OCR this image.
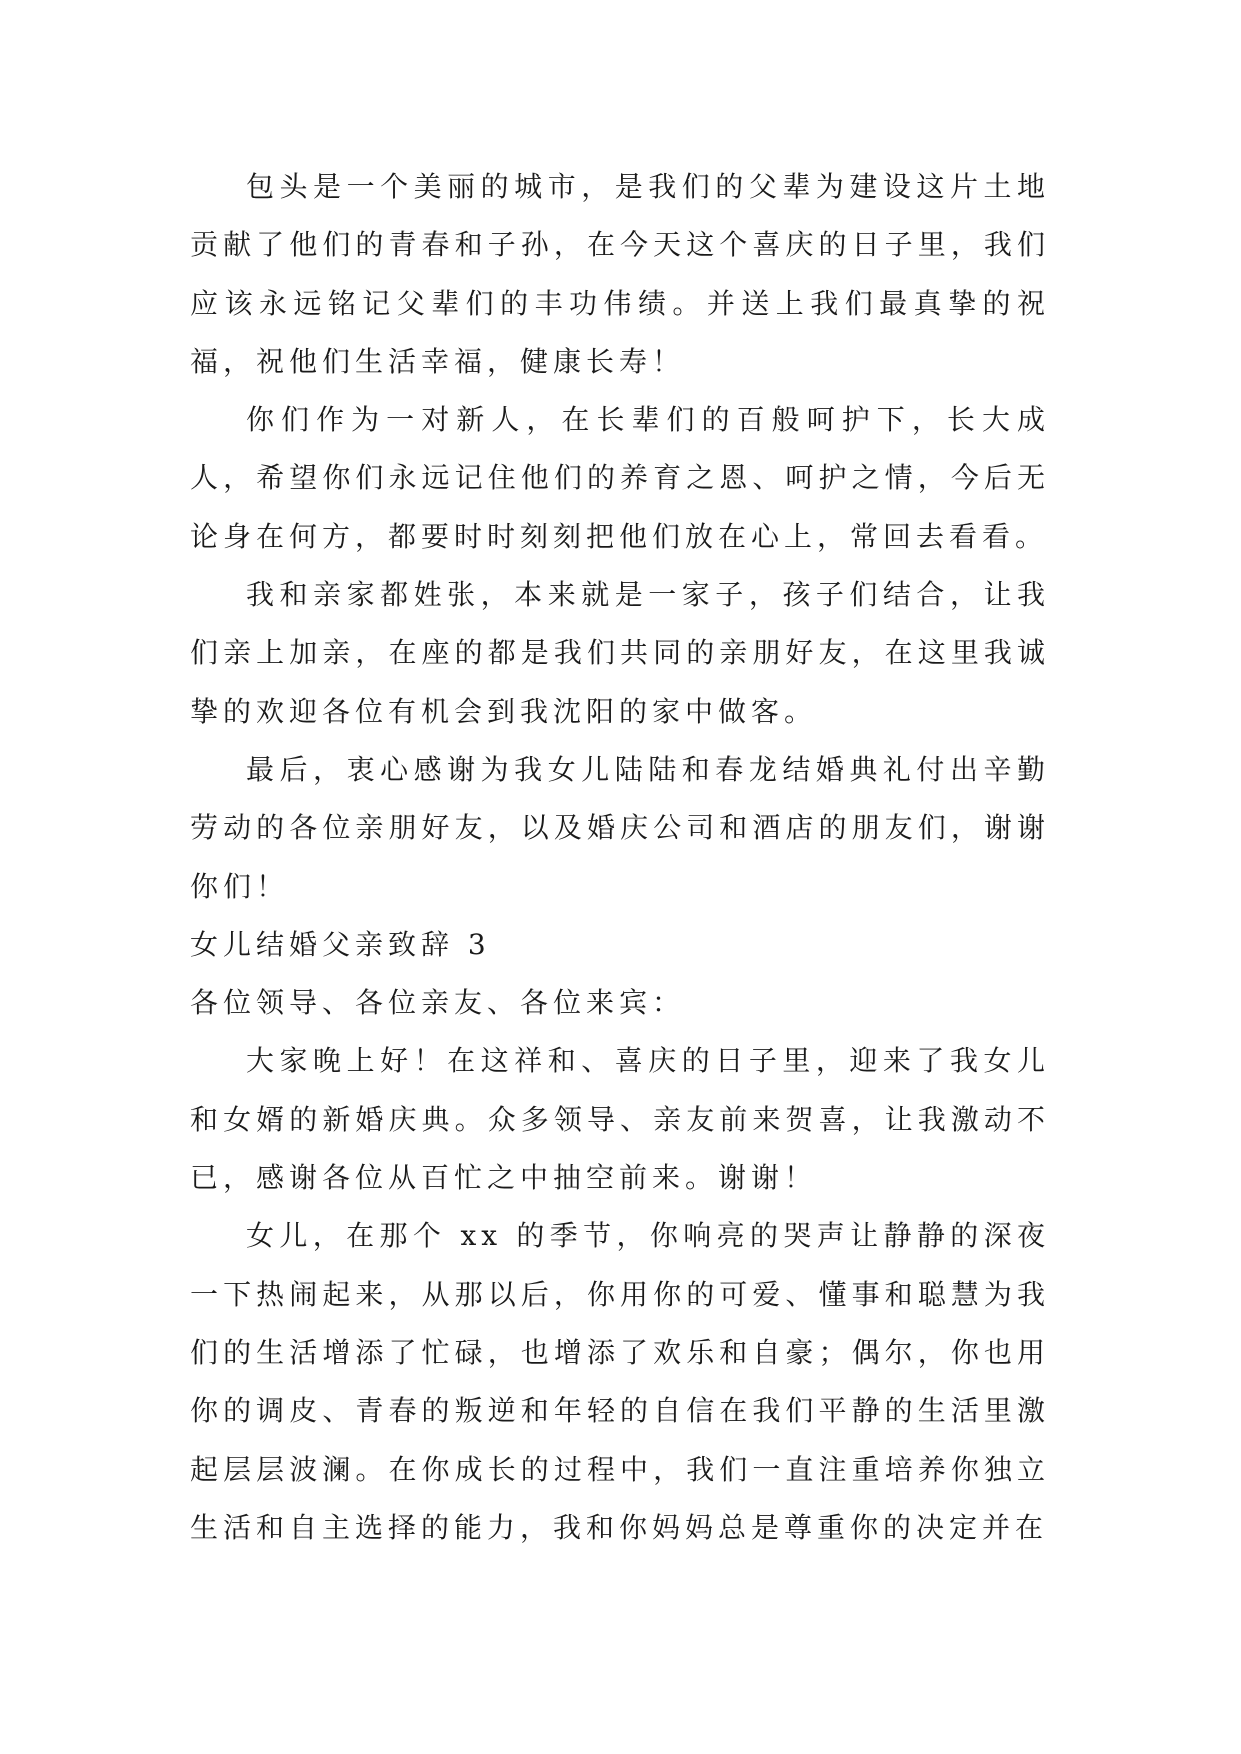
包头是一个美丽的城市，是我们的父辈为建设这片土地贡献了他们的青春和子孙，在今天这个喜庆的日子里，我们应该永远铭记父辈们的丰功伟绩。并送上我们最真挚的祝福，祝他们生活幸福，健康长寿！

你们作为一对新人，在长辈们的百般呵护下，长大成人，希望你们永远记住他们的养育之恩、呵护之情，今后无论身在何方，都要时时刻刻把他们放在心上，常回去看看。

我和亲家都姓张，本来就是一家子，孩子们结合，让我们亲上加亲，在座的都是我们共同的亲朋好友，在这里我诚挚的欢迎各位有机会到我沈阳的家中做客。

最后，衷心感谢为我女儿陆陆和春龙结婚典礼付出辛勤劳动的各位亲朋好友，以及婚庆公司和酒店的朋友们，谢谢你们！

女儿结婚父亲致辞 3

各位领导、各位亲友、各位来宾：

大家晚上好！在这祥和、喜庆的日子里，迎来了我女儿和女婿的新婚庆典。众多领导、亲友前来贺喜，让我激动不已，感谢各位从百忙之中抽空前来。谢谢！

女儿，在那个 xx 的季节，你响亮的哭声让静静的深夜一下热闹起来，从那以后，你用你的可爱、懂事和聪慧为我们的生活增添了忙碌，也增添了欢乐和自豪；偶尔，你也用你的调皮、青春的叛逆和年轻的自信在我们平静的生活里激起层层波澜。在你成长的过程中，我们一直注重培养你独立生活和自主选择的能力，我和你妈妈总是尊重你的决定并在
